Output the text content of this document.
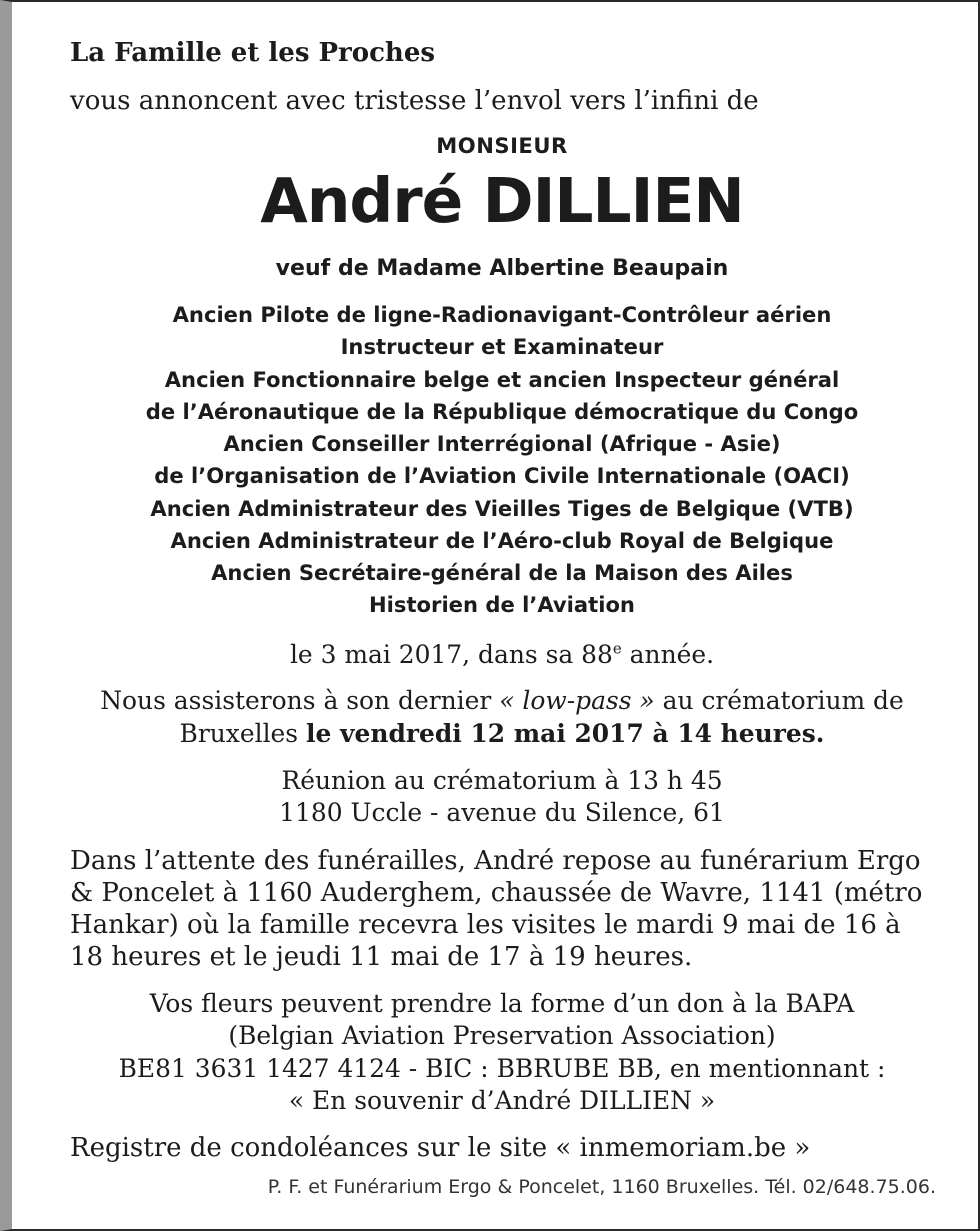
La Famille et les Proches
vous annoncent avec tristesse l’envol vers l’infini de
MONSIEUR
André DILLIEN
veuf de Madame Albertine Beaupain
Ancien Pilote de ligne-Radionavigant-Contrôleur aérien
Instructeur et Examinateur
Ancien Fonctionnaire belge et ancien Inspecteur général
de l’Aéronautique de la République démocratique du Congo
Ancien Conseiller Interrégional (Afrique - Asie)
de l’Organisation de l’Aviation Civile Internationale (OACI)
Ancien Administrateur des Vieilles Tiges de Belgique (VTB)
Ancien Administrateur de l’Aéro-club Royal de Belgique
Ancien Secrétaire-général de la Maison des Ailes
Historien de l’Aviation
le 3 mai 2017, dans sa 88e année.
Nous assisterons à son dernier « low-pass » au crématorium de
Bruxelles le vendredi 12 mai 2017 à 14 heures.
Réunion au crématorium à 13 h 45
1180 Uccle - avenue du Silence, 61
Dans l’attente des funérailles, André repose au funérarium Ergo
& Poncelet à 1160 Auderghem, chaussée de Wavre, 1141 (métro
Hankar) où la famille recevra les visites le mardi 9 mai de 16 à
18 heures et le jeudi 11 mai de 17 à 19 heures.
Vos fleurs peuvent prendre la forme d’un don à la BAPA
(Belgian Aviation Preservation Association)
BE81 3631 1427 4124 - BIC : BBRUBE BB, en mentionnant :
« En souvenir d’André DILLIEN »
Registre de condoléances sur le site « inmemoriam.be »
P. F. et Funérarium Ergo & Poncelet, 1160 Bruxelles. Tél. 02/648.75.06.
